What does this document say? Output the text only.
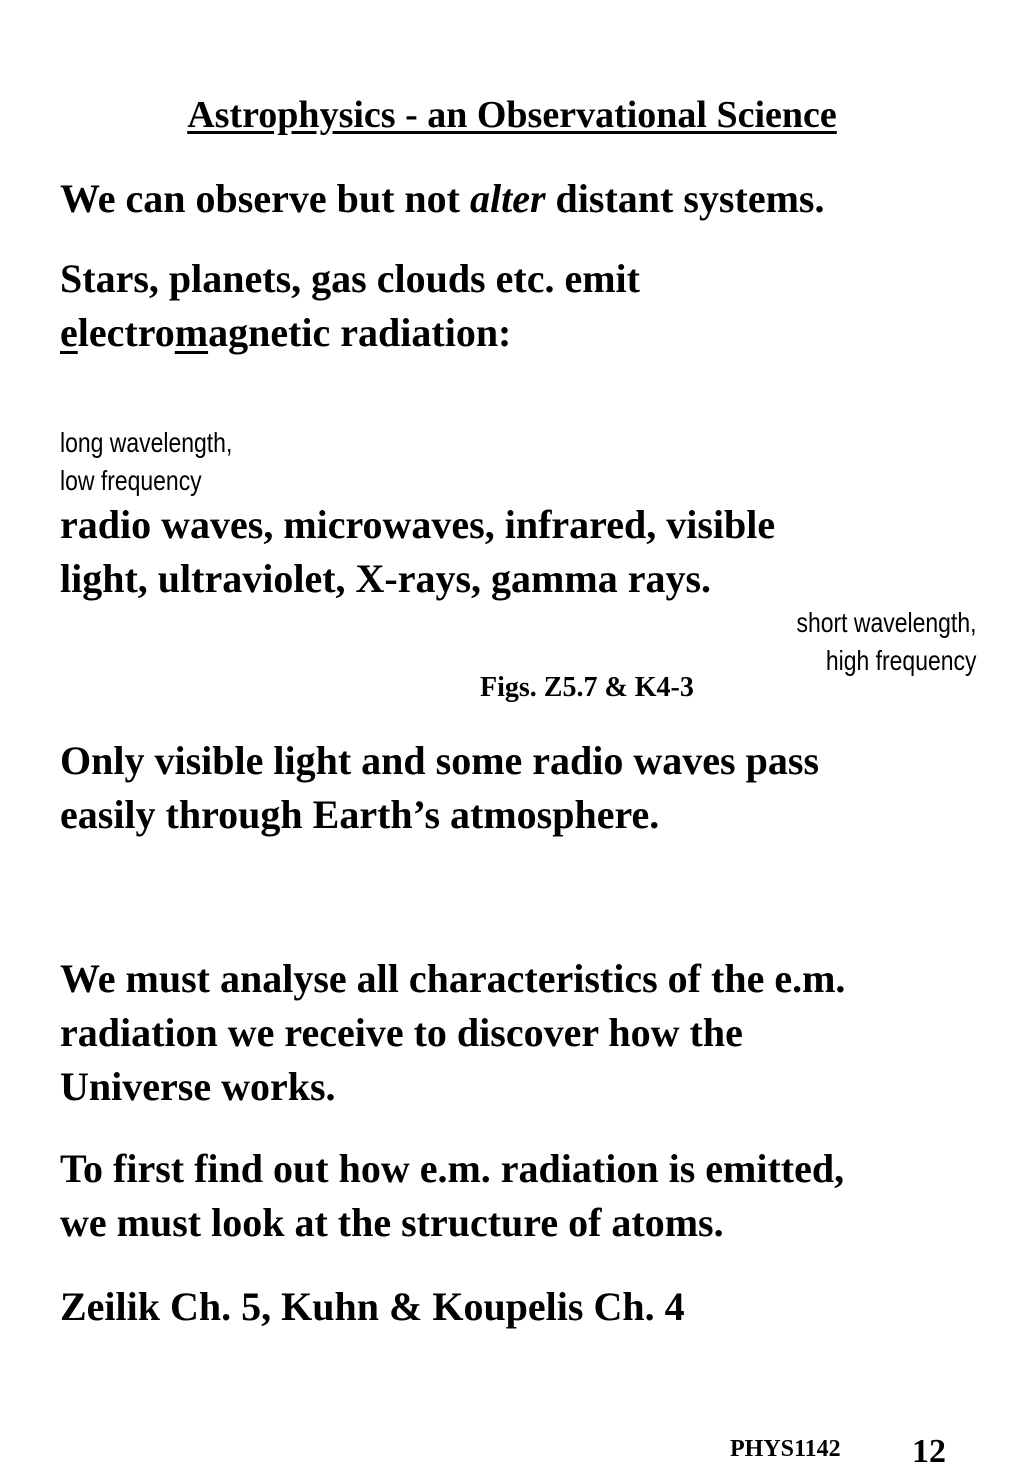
Astrophysics - an Observational Science
We can observe but not alter distant systems.
Stars, planets, gas clouds etc. emit
electromagnetic radiation:
long wavelength,
low frequency
radio waves, microwaves, infrared, visible
light, ultraviolet, X-rays, gamma rays.
short wavelength,
high frequency
Figs. Z5.7 & K4-3
Only visible light and some radio waves pass
easily through Earth’s atmosphere.
We must analyse all characteristics of the e.m.
radiation we receive to discover how the
Universe works.
To first find out how e.m. radiation is emitted,
we must look at the structure of atoms.
Zeilik Ch. 5, Kuhn & Koupelis Ch. 4
PHYS1142 12
